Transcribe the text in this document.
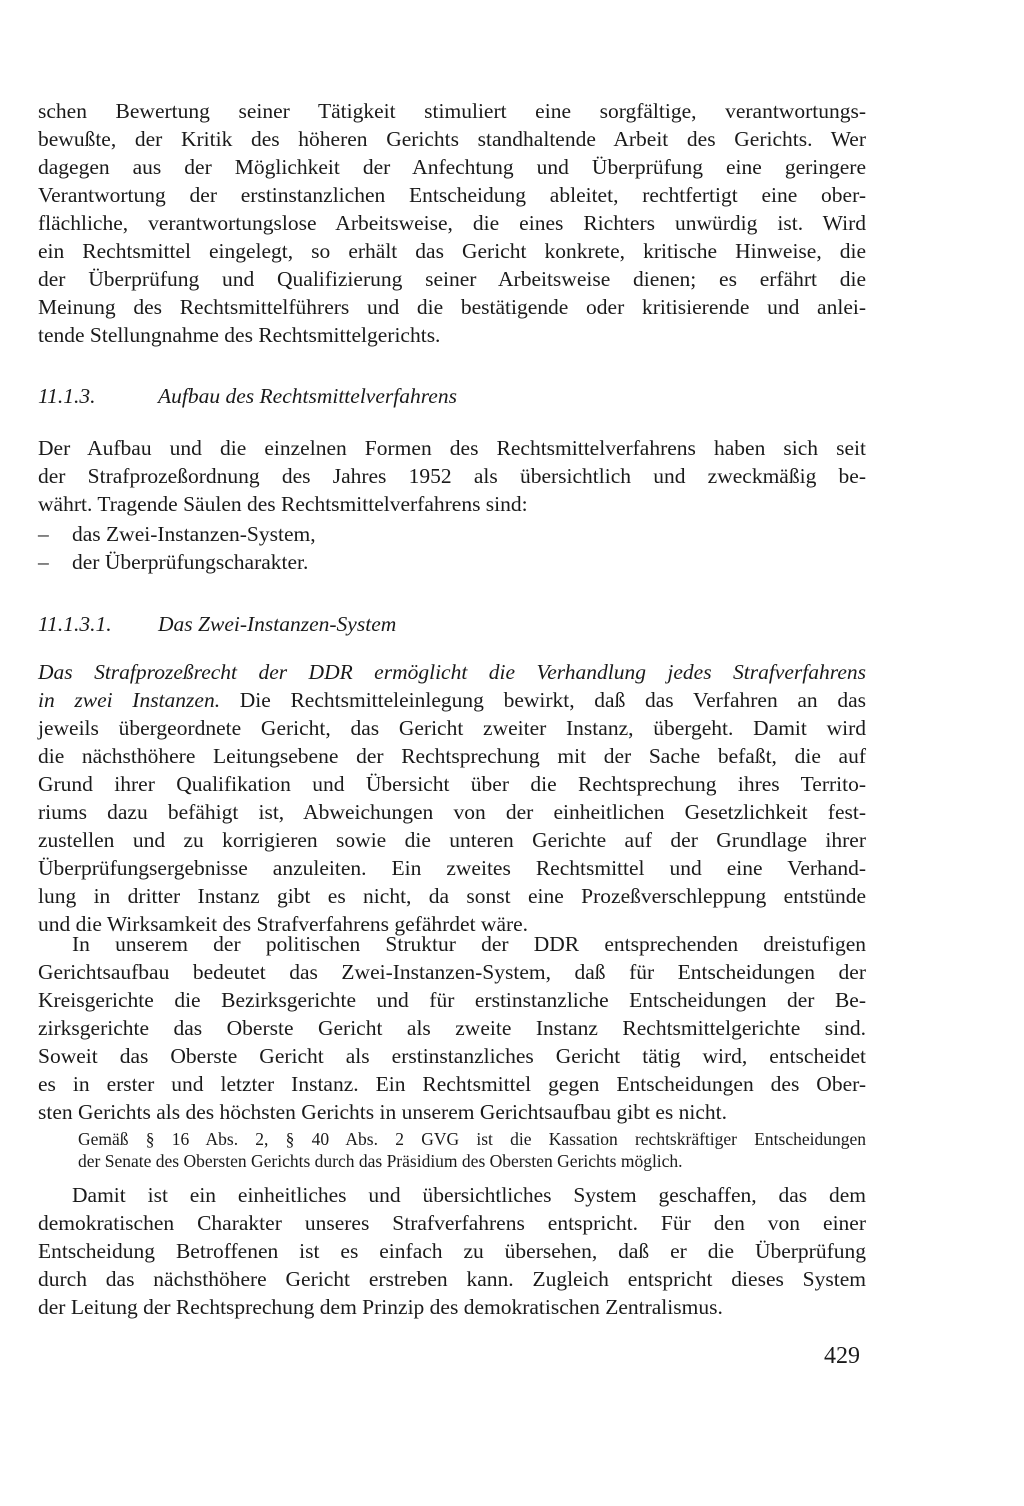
schen Bewertung seiner Tätigkeit stimuliert eine sorgfältige, verantwortungs-
bewußte, der Kritik des höheren Gerichts standhaltende Arbeit des Gerichts. Wer
dagegen aus der Möglichkeit der Anfechtung und Überprüfung eine geringere
Verantwortung der erstinstanzlichen Entscheidung ableitet, rechtfertigt eine ober-
flächliche, verantwortungslose Arbeitsweise, die eines Richters unwürdig ist. Wird
ein Rechtsmittel eingelegt, so erhält das Gericht konkrete, kritische Hinweise, die
der Überprüfung und Qualifizierung seiner Arbeitsweise dienen; es erfährt die
Meinung des Rechtsmittelführers und die bestätigende oder kritisierende und anlei-
tende Stellungnahme des Rechtsmittelgerichts.
11.1.3.	Aufbau des Rechtsmittelverfahrens
Der Aufbau und die einzelnen Formen des Rechtsmittelverfahrens haben sich seit
der Strafprozeßordnung des Jahres 1952 als übersichtlich und zweckmäßig be-
währt. Tragende Säulen des Rechtsmittelverfahrens sind:
– das Zwei-Instanzen-System,
– der Überprüfungscharakter.
11.1.3.1. Das Zwei-Instanzen-System
Das Strafprozeßrecht der DDR ermöglicht die Verhandlung jedes Strafverfahrens
in zwei Instanzen. Die Rechtsmitteleinlegung bewirkt, daß das Verfahren an das
jeweils übergeordnete Gericht, das Gericht zweiter Instanz, übergeht. Damit wird
die nächsthöhere Leitungsebene der Rechtsprechung mit der Sache befaßt, die auf
Grund ihrer Qualifikation und Übersicht über die Rechtsprechung ihres Territo-
riums dazu befähigt ist, Abweichungen von der einheitlichen Gesetzlichkeit fest-
zustellen und zu korrigieren sowie die unteren Gerichte auf der Grundlage ihrer
Überprüfungsergebnisse anzuleiten. Ein zweites Rechtsmittel und eine Verhand-
lung in dritter Instanz gibt es nicht, da sonst eine Prozeßverschleppung entstünde
und die Wirksamkeit des Strafverfahrens gefährdet wäre.
In unserem der politischen Struktur der DDR entsprechenden dreistufigen
Gerichtsaufbau bedeutet das Zwei-Instanzen-System, daß für Entscheidungen der
Kreisgerichte die Bezirksgerichte und für erstinstanzliche Entscheidungen der Be-
zirksgerichte das Oberste Gericht als zweite Instanz Rechtsmittelgerichte sind.
Soweit das Oberste Gericht als erstinstanzliches Gericht tätig wird, entscheidet
es in erster und letzter Instanz. Ein Rechtsmittel gegen Entscheidungen des Ober-
sten Gerichts als des höchsten Gerichts in unserem Gerichtsaufbau gibt es nicht.
Gemäß § 16 Abs. 2, § 40 Abs. 2 GVG ist die Kassation rechtskräftiger Entscheidungen
der Senate des Obersten Gerichts durch das Präsidium des Obersten Gerichts möglich.
Damit ist ein einheitliches und übersichtliches System geschaffen, das dem
demokratischen Charakter unseres Strafverfahrens entspricht. Für den von einer
Entscheidung Betroffenen ist es einfach zu übersehen, daß er die Überprüfung
durch das nächsthöhere Gericht erstreben kann. Zugleich entspricht dieses System
der Leitung der Rechtsprechung dem Prinzip des demokratischen Zentralismus.
429
